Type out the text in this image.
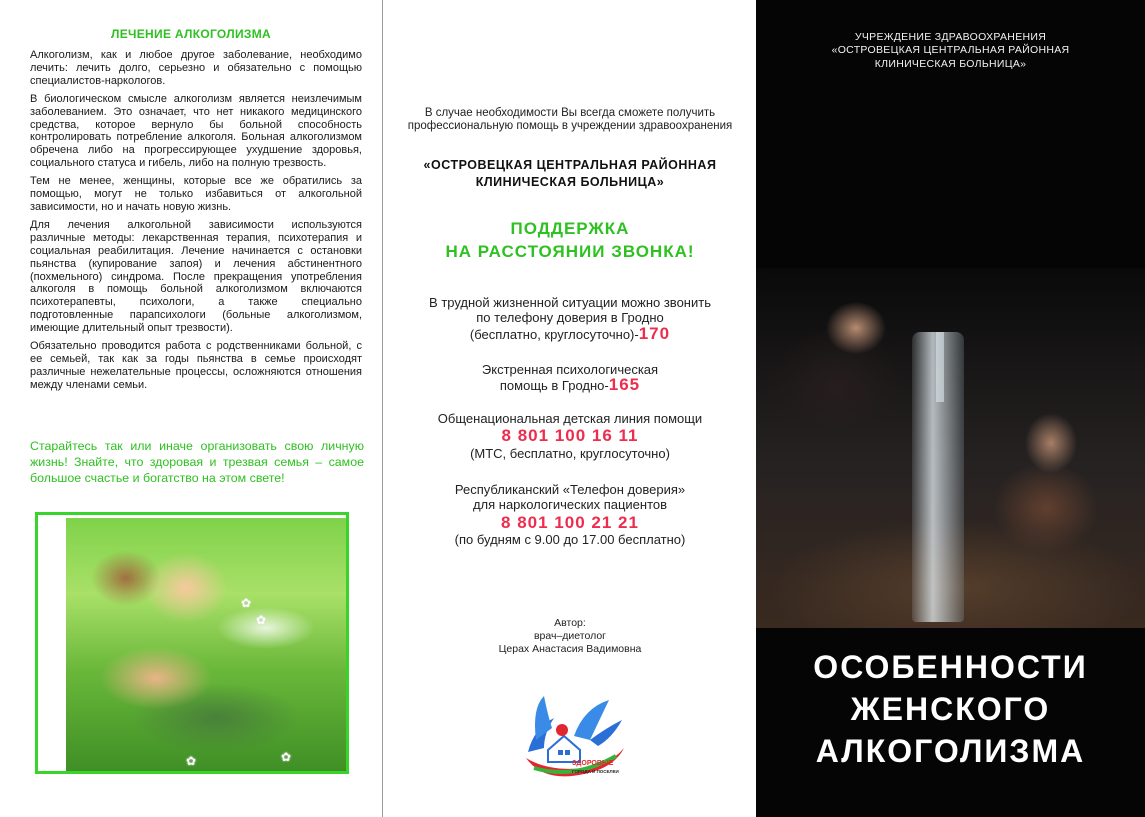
ЛЕЧЕНИЕ АЛКОГОЛИЗМА

Алкоголизм, как и любое другое заболевание, необходимо лечить: лечить долго, серьезно и обязательно с помощью специалистов-наркологов.

В биологическом смысле алкоголизм является неизлечимым заболеванием. Это означает, что нет никакого медицинского средства, которое вернуло бы больной способность контролировать потребление алкоголя. Больная алкоголизмом обречена либо на прогрессирующее ухудшение здоровья, социального статуса и гибель, либо на полную трезвость.

Тем не менее, женщины, которые все же обратились за помощью, могут не только избавиться от алкогольной зависимости, но и начать новую жизнь.

Для лечения алкогольной зависимости используются различные методы: лекарственная терапия, психотерапия и социальная реабилитация. Лечение начинается с остановки пьянства (купирование запоя) и лечения абстинентного (похмельного) синдрома. После прекращения употребления алкоголя в помощь больной алкоголизмом включаются психотерапевты, психологи, а также специально подготовленные парапсихологи (больные алкоголизмом, имеющие длительный опыт трезвости).

Обязательно проводится работа с родственниками больной, с ее семьей, так как за годы пьянства в семье происходят различные нежелательные процессы, осложняются отношения между членами семьи.

Старайтесь так или иначе организовать свою личную жизнь! Знайте, что здоровая и трезвая семья – самое большое счастье и богатство на этом свете!
✿
✿
✿
✿
В случае необходимости Вы всегда сможете получить профессиональную помощь в учреждении здравоохранения
«ОСТРОВЕЦКАЯ ЦЕНТРАЛЬНАЯ РАЙОННАЯ КЛИНИЧЕСКАЯ БОЛЬНИЦА»
ПОДДЕРЖКА
НА РАССТОЯНИИ ЗВОНКА!
В трудной жизненной ситуации можно звонить
по телефону доверия в Гродно
(бесплатно, круглосуточно)-170
Экстренная психологическая
помощь в Гродно-165
Общенациональная детская линия помощи
8 801 100 16 11
(МТС, бесплатно, круглосуточно)
Республиканский «Телефон доверия»
для наркологических пациентов
8 801 100 21 21
(по будням с 9.00 до 17.00 бесплатно)
Автор:
врач–диетолог
Церах Анастасия Вадимовна
ЗДОРОВЫЕ
ГОРОДА И ПОСЕЛКИ
УЧРЕЖДЕНИЕ ЗДРАВООХРАНЕНИЯ
«ОСТРОВЕЦКАЯ ЦЕНТРАЛЬНАЯ РАЙОННАЯ
КЛИНИЧЕСКАЯ БОЛЬНИЦА»
ОСОБЕННОСТИ
ЖЕНСКОГО
АЛКОГОЛИЗМА
